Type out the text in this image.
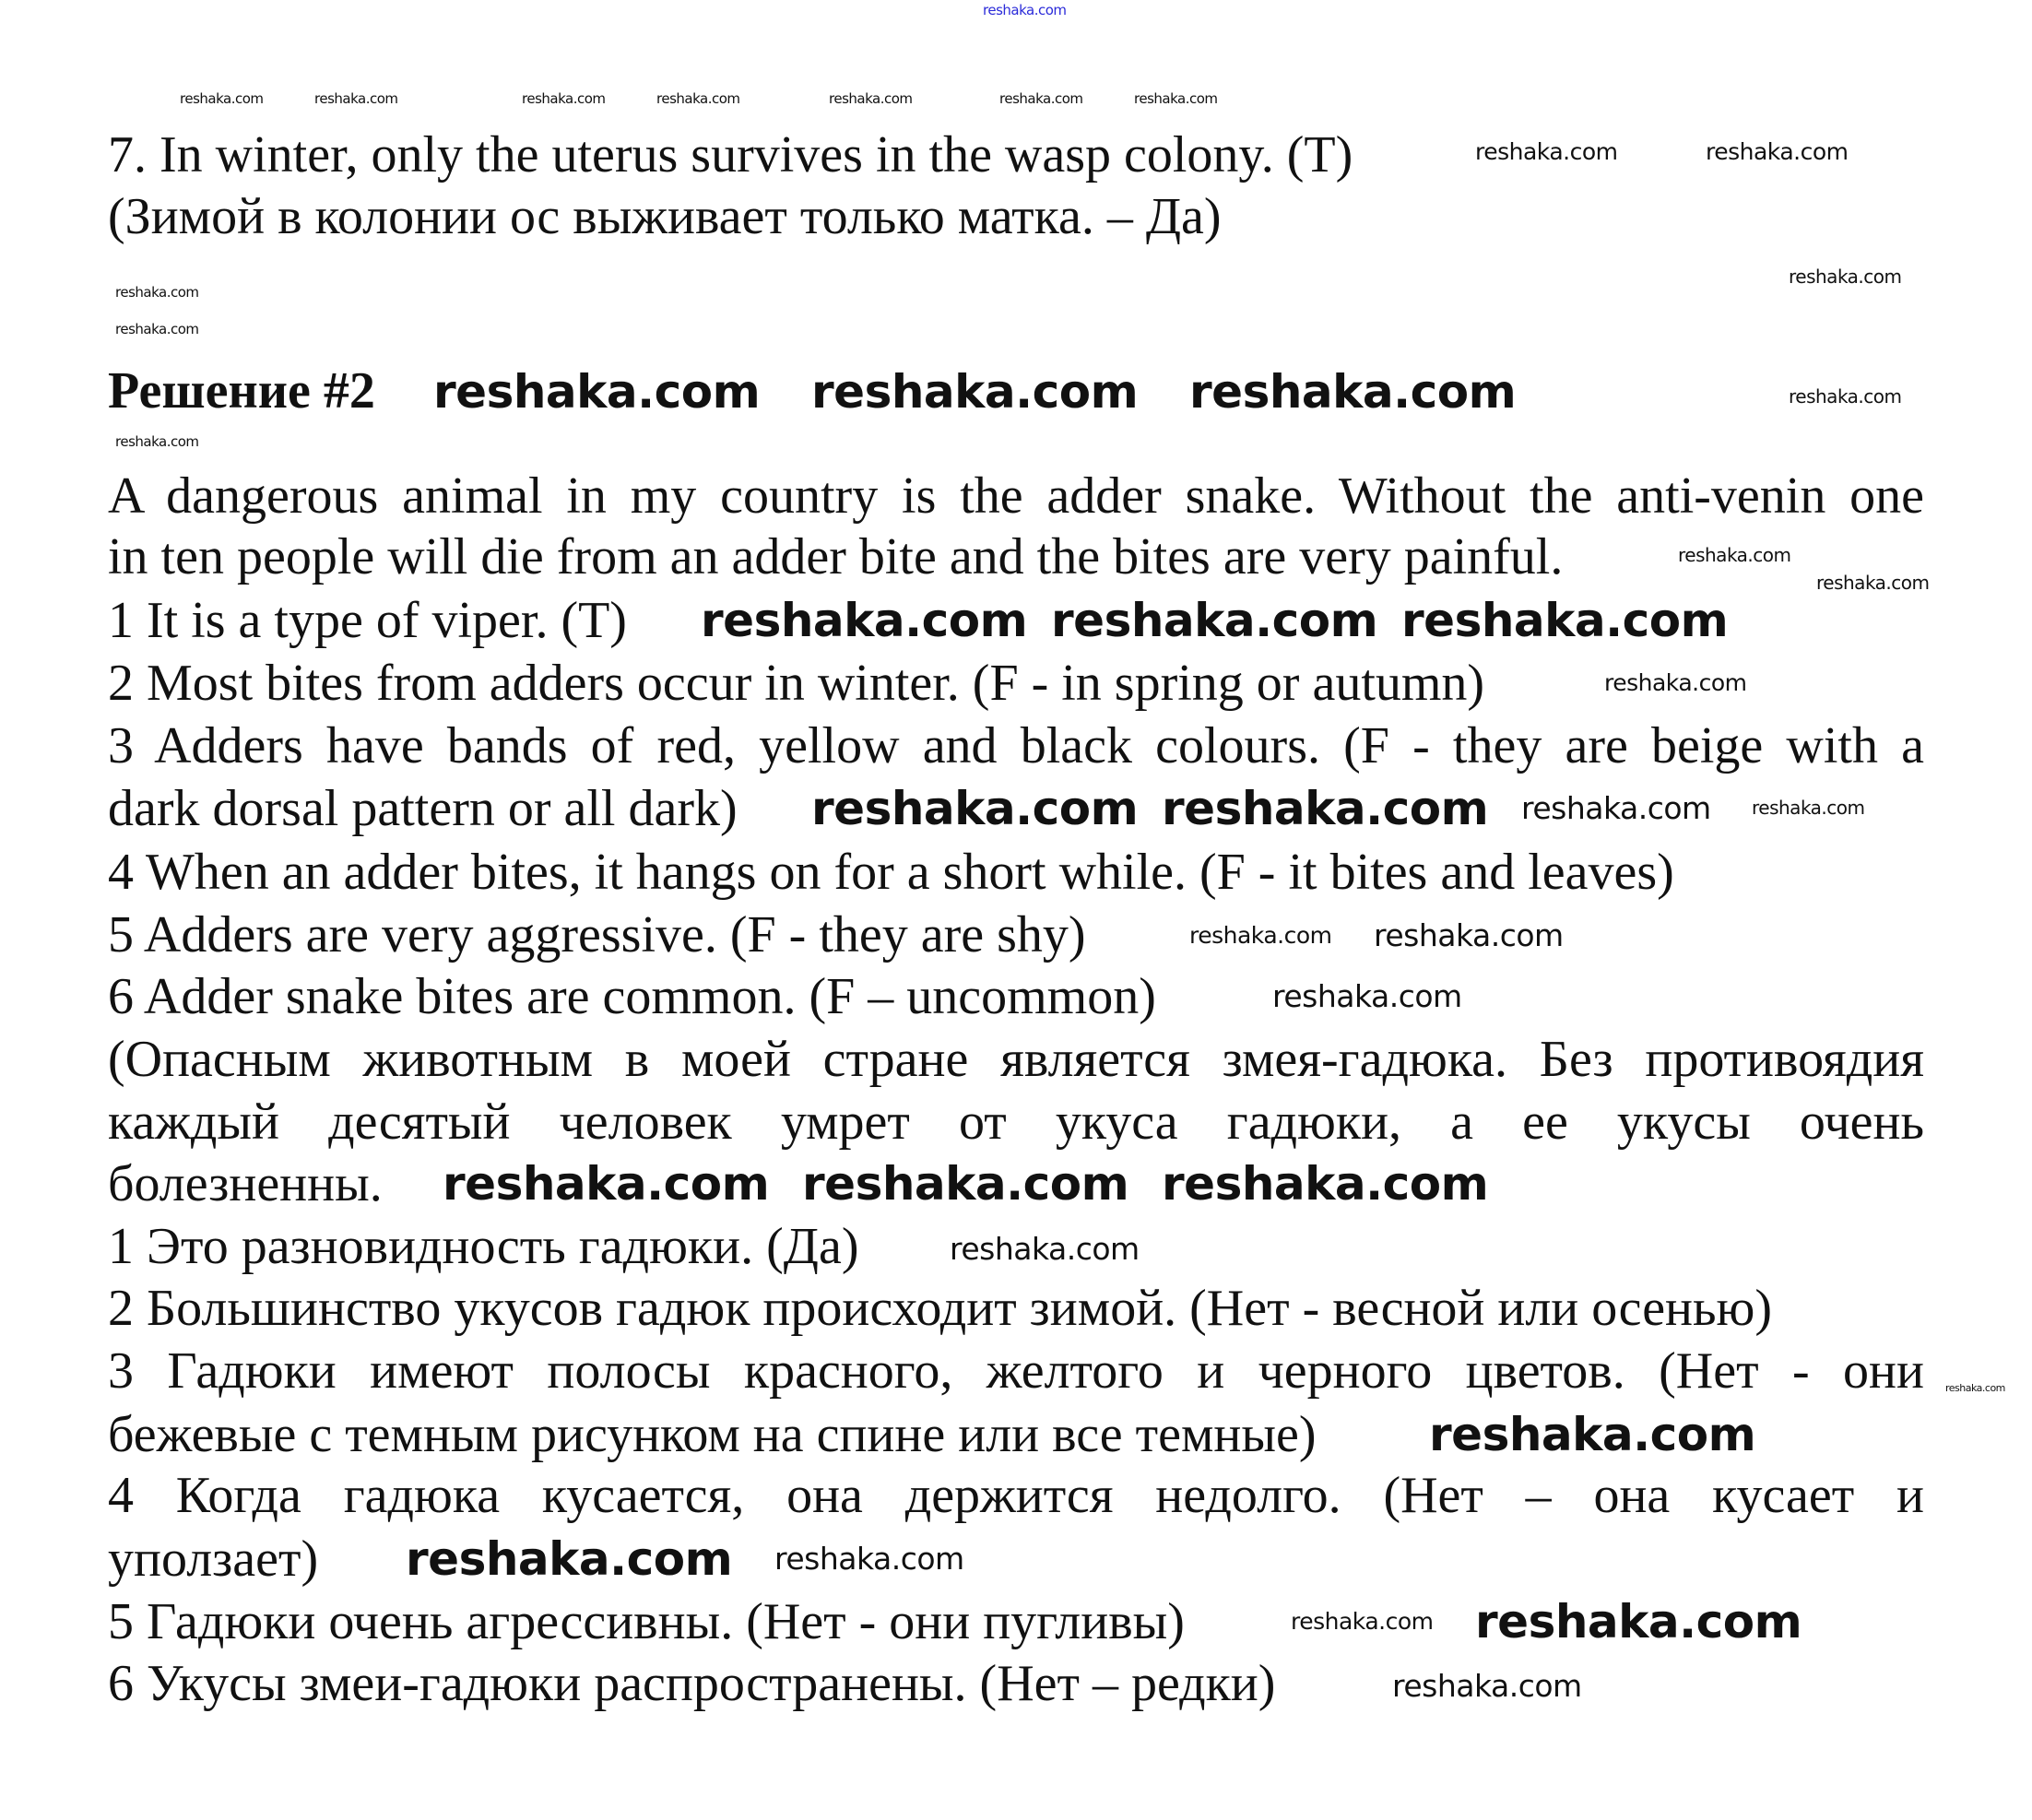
7. In winter, only the uterus survives in the wasp colony. (T)
(Зимой в колонии ос выживает только матка. – Да)
Решение #2
A dangerous animal in my country is the adder snake. Without the anti-venin one
in ten people will die from an adder bite and the bites are very painful.
1 It is a type of viper. (T)
2 Most bites from adders occur in winter. (F - in spring or autumn)
3 Adders have bands of red, yellow and black colours. (F - they are beige with a
dark dorsal pattern or all dark)
4 When an adder bites, it hangs on for a short while. (F - it bites and leaves)
5 Adders are very aggressive. (F - they are shy)
6 Adder snake bites are common. (F – uncommon)
(Опасным животным в моей стране является змея-гадюка. Без противоядия
каждый десятый человек умрет от укуса гадюки, а ее укусы очень
болезненны.
1 Это разновидность гадюки. (Да)
2 Большинство укусов гадюк происходит зимой. (Нет - весной или осенью)
3 Гадюки имеют полосы красного, желтого и черного цветов. (Нет - они
бежевые с темным рисунком на спине или все темные)
4 Когда гадюка кусается, она держится недолго. (Нет – она кусает и
уползает)
5 Гадюки очень агрессивны. (Нет - они пугливы)
6 Укусы змеи-гадюки распространены. (Нет – редки)
reshaka.com
reshaka.com	reshaka.com	reshaka.com	reshaka.com	reshaka.com	reshaka.com	reshaka.com
reshaka.com	reshaka.com
reshaka.com
reshaka.com
reshaka.com
reshaka.com reshaka.com reshaka.com	reshaka.com
reshaka.com
reshaka.com
reshaka.com
reshaka.com reshaka.com reshaka.com
reshaka.com
reshaka.com reshaka.com reshaka.com reshaka.com
reshaka.com reshaka.com
reshaka.com
reshaka.com reshaka.com reshaka.com
reshaka.com
reshaka.com
reshaka.com
reshaka.com reshaka.com
reshaka.com reshaka.com
reshaka.com
